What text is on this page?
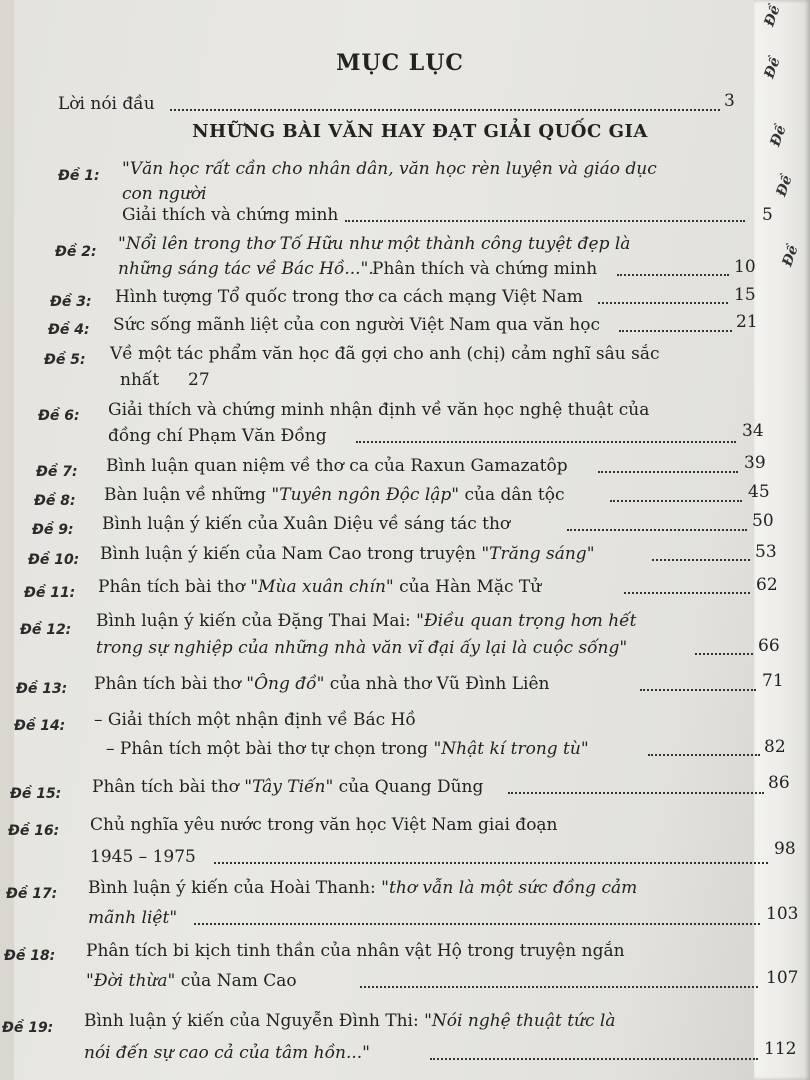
Đề
Đề
Đề
Đề
Đề
MỤC LỤC
Lời nói đầu	3
NHỮNG BÀI VĂN HAY ĐẠT GIẢI QUỐC GIA
Đề 1: "Văn học rất cần cho nhân dân, văn học rèn luyện và giáo dục
con người
Giải thích và chứng minh	5
Đề 2: "Nổi lên trong thơ Tố Hữu như một thành công tuyệt đẹp là
những sáng tác về Bác Hồ...".
Phân thích và chứng minh	10
Đề 3: Hình tượng Tổ quốc trong thơ ca cách mạng Việt Nam	15
Đề 4: Sức sống mãnh liệt của con người Việt Nam qua văn học	21
Đề 5: Về một tác phẩm văn học đã gợi cho anh (chị) cảm nghĩ sâu sắc
nhất 27
Đề 6: Giải thích và chứng minh nhận định về văn học nghệ thuật của
đồng chí Phạm Văn Đồng	34
Đề 7: Bình luận quan niệm về thơ ca của Raxun Gamazatôp	39
Đề 8: Bàn luận về những "Tuyên ngôn Độc lập" của dân tộc	45
Đề 9: Bình luận ý kiến của Xuân Diệu về sáng tác thơ	50
Đề 10: Bình luận ý kiến của Nam Cao trong truyện "Trăng sáng"	53
Đề 11: Phân tích bài thơ "Mùa xuân chín" của Hàn Mặc Tử	62
Đề 12: Bình luận ý kiến của Đặng Thai Mai: "Điều quan trọng hơn hết
trong sự nghiệp của những nhà văn vĩ đại ấy lại là cuộc sống"	66
Đề 13: Phân tích bài thơ "Ông đồ" của nhà thơ Vũ Đình Liên	71
Đề 14: – Giải thích một nhận định về Bác Hồ
– Phân tích một bài thơ tự chọn trong "Nhật kí trong tù"	82
Đề 15: Phân tích bài thơ "Tây Tiến" của Quang Dũng	86
Đề 16: Chủ nghĩa yêu nước trong văn học Việt Nam giai đoạn
1945 – 1975	98
Đề 17: Bình luận ý kiến của Hoài Thanh: "thơ vẫn là một sức đồng cảm
mãnh liệt"	103
Đề 18: Phân tích bi kịch tinh thần của nhân vật Hộ trong truyện ngắn
"Đời thừa" của Nam Cao	107
Đề 19: Bình luận ý kiến của Nguyễn Đình Thi: "Nói nghệ thuật tức là
nói đến sự cao cả của tâm hồn..."	112
